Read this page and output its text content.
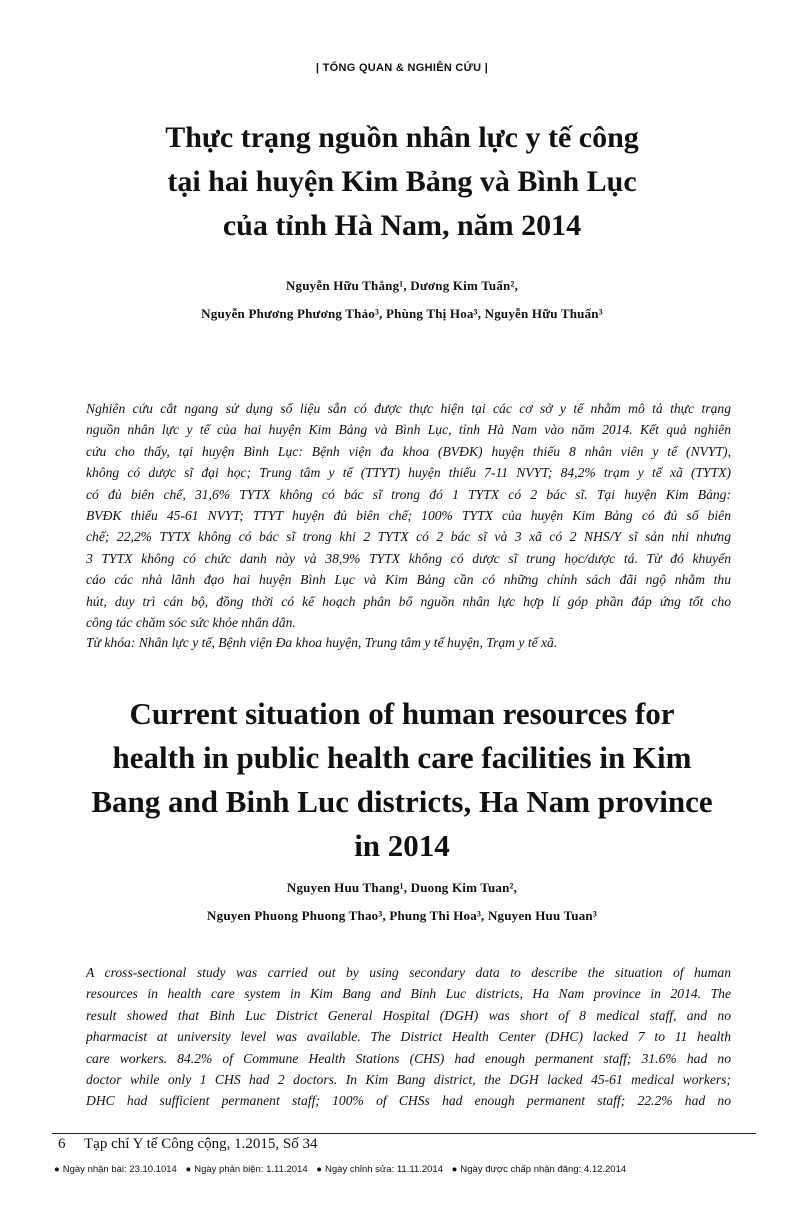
| TỔNG QUAN & NGHIÊN CỨU |
Thực trạng nguồn nhân lực y tế công
tại hai huyện Kim Bảng và Bình Lục
của tỉnh Hà Nam, năm 2014
Nguyễn Hữu Thắng¹, Dương Kim Tuấn²,
Nguyễn Phương Phương Thảo³, Phùng Thị Hoa³, Nguyễn Hữu Thuấn³
Nghiên cứu cắt ngang sử dụng số liệu sẵn có được thực hiện tại các cơ sở y tế nhằm mô tả thực trạng
nguồn nhân lực y tế của hai huyện Kim Bảng và Bình Lục, tỉnh Hà Nam vào năm 2014. Kết quả nghiên
cứu cho thấy, tại huyện Bình Lục: Bệnh viện đa khoa (BVĐK) huyện thiếu 8 nhân viên y tế (NVYT),
không có dược sĩ đại học; Trung tâm y tế (TTYT) huyện thiếu 7-11 NVYT; 84,2% trạm y tế xã (TYTX)
có đủ biên chế, 31,6% TYTX không có bác sĩ trong đó 1 TYTX có 2 bác sĩ. Tại huyện Kim Bảng:
BVĐK thiếu 45-61 NVYT; TTYT huyện đủ biên chế; 100% TYTX của huyện Kim Bảng có đủ số biên
chế; 22,2% TYTX không có bác sĩ trong khi 2 TYTX có 2 bác sĩ và 3 xã có 2 NHS/Y sĩ sản nhi nhưng
3 TYTX không có chức danh này và 38,9% TYTX không có dược sĩ trung học/dược tá. Từ đó khuyến
cáo các nhà lãnh đạo hai huyện Bình Lục và Kim Bảng cần có những chính sách đãi ngộ nhằm thu
hút, duy trì cán bộ, đồng thời có kế hoạch phân bổ nguồn nhân lực hợp lí góp phần đáp ứng tốt cho
công tác chăm sóc sức khỏe nhân dân.
Từ khóa: Nhân lực y tế, Bệnh viện Đa khoa huyện, Trung tâm y tế huyện, Trạm y tế xã.
Current situation of human resources for
health in public health care facilities in Kim
Bang and Binh Luc districts, Ha Nam province
in 2014
Nguyen Huu Thang¹, Duong Kim Tuan²,
Nguyen Phuong Phuong Thao³, Phung Thi Hoa³, Nguyen Huu Tuan³
A cross-sectional study was carried out by using secondary data to describe the situation of human
resources in health care system in Kim Bang and Binh Luc districts, Ha Nam province in 2014. The
result showed that Binh Luc District General Hospital (DGH) was short of 8 medical staff, and no
pharmacist at university level was available. The District Health Center (DHC) lacked 7 to 11 health
care workers. 84.2% of Commune Health Stations (CHS) had enough permanent staff; 31.6% had no
doctor while only 1 CHS had 2 doctors. In Kim Bang district, the DGH lacked 45-61 medical workers;
DHC had sufficient permanent staff; 100% of CHSs had enough permanent staff; 22.2% had no
6 Tạp chí Y tế Công cộng, 1.2015, Số 34
● Ngày nhận bài: 23.10.1014 ● Ngày phản biện: 1.11.2014 ● Ngày chỉnh sửa: 11.11.2014 ● Ngày được chấp nhận đăng: 4.12.2014
